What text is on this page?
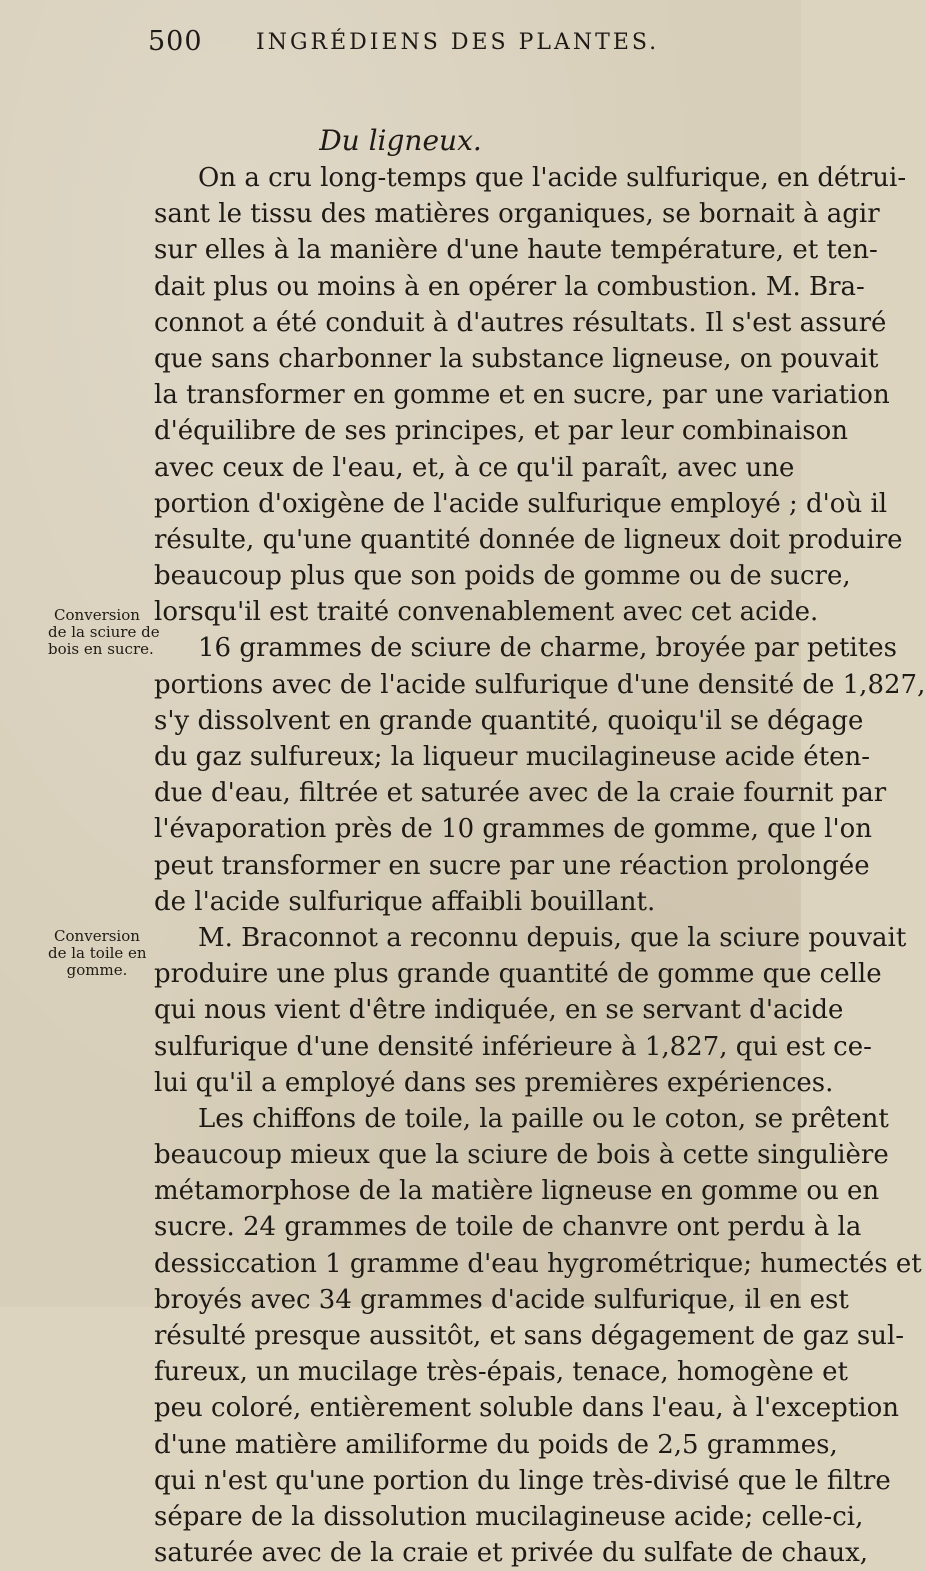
500 INGRÉDIENS DES PLANTES.
Du ligneux.
Conversion
de la sciure de
bois en sucre.
Conversion
de la toile en
gomme.
On a cru long-temps que l'acide sulfurique, en détrui-
sant le tissu des matières organiques, se bornait à agir
sur elles à la manière d'une haute température, et ten-
dait plus ou moins à en opérer la combustion. M. Bra-
connot a été conduit à d'autres résultats. Il s'est assuré
que sans charbonner la substance ligneuse, on pouvait
la transformer en gomme et en sucre, par une variation
d'équilibre de ses principes, et par leur combinaison
avec ceux de l'eau, et, à ce qu'il paraît, avec une
portion d'oxigène de l'acide sulfurique employé ; d'où il
résulte, qu'une quantité donnée de ligneux doit produire
beaucoup plus que son poids de gomme ou de sucre,
lorsqu'il est traité convenablement avec cet acide.
16 grammes de sciure de charme, broyée par petites
portions avec de l'acide sulfurique d'une densité de 1,827,
s'y dissolvent en grande quantité, quoiqu'il se dégage
du gaz sulfureux; la liqueur mucilagineuse acide éten-
due d'eau, filtrée et saturée avec de la craie fournit par
l'évaporation près de 10 grammes de gomme, que l'on
peut transformer en sucre par une réaction prolongée
de l'acide sulfurique affaibli bouillant.
M. Braconnot a reconnu depuis, que la sciure pouvait
produire une plus grande quantité de gomme que celle
qui nous vient d'être indiquée, en se servant d'acide
sulfurique d'une densité inférieure à 1,827, qui est ce-
lui qu'il a employé dans ses premières expériences.
Les chiffons de toile, la paille ou le coton, se prêtent
beaucoup mieux que la sciure de bois à cette singulière
métamorphose de la matière ligneuse en gomme ou en
sucre. 24 grammes de toile de chanvre ont perdu à la
dessiccation 1 gramme d'eau hygrométrique; humectés et
broyés avec 34 grammes d'acide sulfurique, il en est
résulté presque aussitôt, et sans dégagement de gaz sul-
fureux, un mucilage très-épais, tenace, homogène et
peu coloré, entièrement soluble dans l'eau, à l'exception
d'une matière amiliforme du poids de 2,5 grammes,
qui n'est qu'une portion du linge très-divisé que le filtre
sépare de la dissolution mucilagineuse acide; celle-ci,
saturée avec de la craie et privée du sulfate de chaux,
